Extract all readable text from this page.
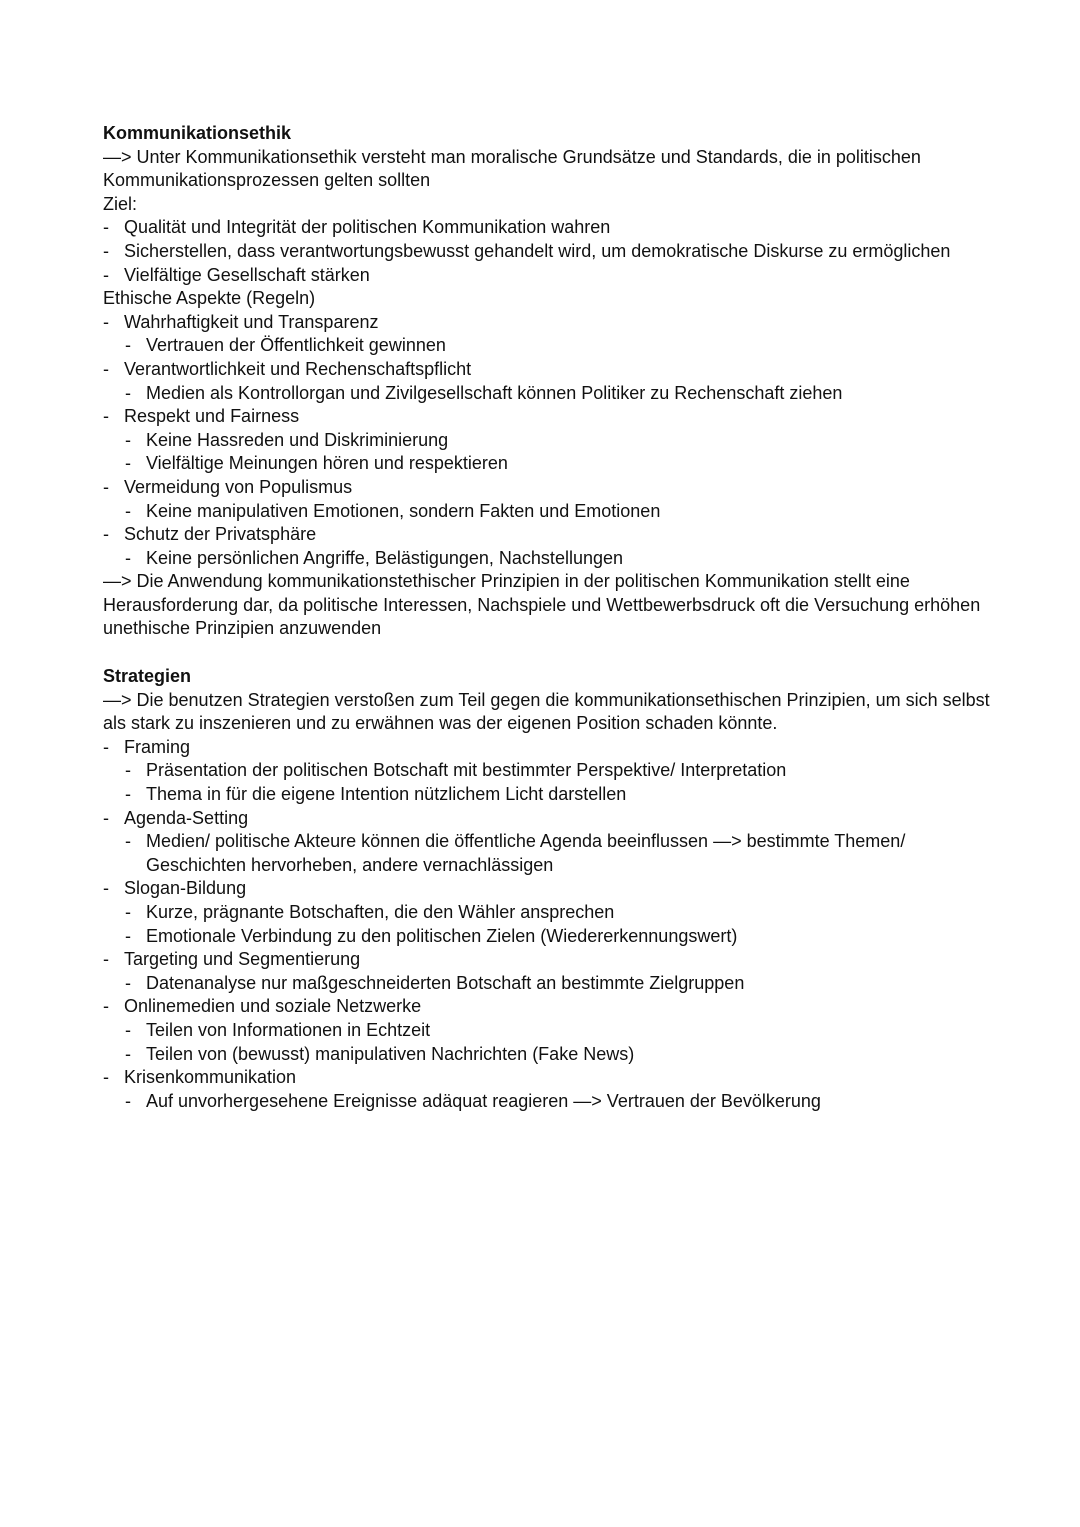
Kommunikationsethik
—> Unter Kommunikationsethik versteht man moralische Grundsätze und Standards, die in politischen Kommunikationsprozessen gelten sollten
Ziel:
- Qualität und Integrität der politischen Kommunikation wahren
- Sicherstellen, dass verantwortungsbewusst gehandelt wird, um demokratische Diskurse zu ermöglichen
- Vielfältige Gesellschaft stärken
Ethische Aspekte (Regeln)
- Wahrhaftigkeit und Transparenz
- Vertrauen der Öffentlichkeit gewinnen
- Verantwortlichkeit und Rechenschaftspflicht
- Medien als Kontrollorgan und Zivilgesellschaft können Politiker zu Rechenschaft ziehen
- Respekt und Fairness
- Keine Hassreden und Diskriminierung
- Vielfältige Meinungen hören und respektieren
- Vermeidung von Populismus
- Keine manipulativen Emotionen, sondern Fakten und Emotionen
- Schutz der Privatsphäre
- Keine persönlichen Angriffe, Belästigungen, Nachstellungen
—> Die Anwendung kommunikationstethischer Prinzipien in der politischen Kommunikation stellt eine Herausforderung dar, da politische Interessen, Nachspiele und Wettbewerbsdruck oft die Versuchung erhöhen unethische Prinzipien anzuwenden
Strategien
—> Die benutzen Strategien verstoßen zum Teil gegen die kommunikationsethischen Prinzipien, um sich selbst als stark zu inszenieren und zu erwähnen was der eigenen Position schaden könnte.
- Framing
- Präsentation der politischen Botschaft mit bestimmter Perspektive/ Interpretation
- Thema in für die eigene Intention nützlichem Licht darstellen
- Agenda-Setting
- Medien/ politische Akteure können die öffentliche Agenda beeinflussen —> bestimmte Themen/ Geschichten hervorheben, andere vernachlässigen
- Slogan-Bildung
- Kurze, prägnante Botschaften, die den Wähler ansprechen
- Emotionale Verbindung zu den politischen Zielen (Wiedererkennungswert)
- Targeting und Segmentierung
- Datenanalyse nur maßgeschneiderten Botschaft an bestimmte Zielgruppen
- Onlinemedien und soziale Netzwerke
- Teilen von Informationen in Echtzeit
- Teilen von (bewusst) manipulativen Nachrichten (Fake News)
- Krisenkommunikation
- Auf unvorhergesehene Ereignisse adäquat reagieren —> Vertrauen der Bevölkerung
